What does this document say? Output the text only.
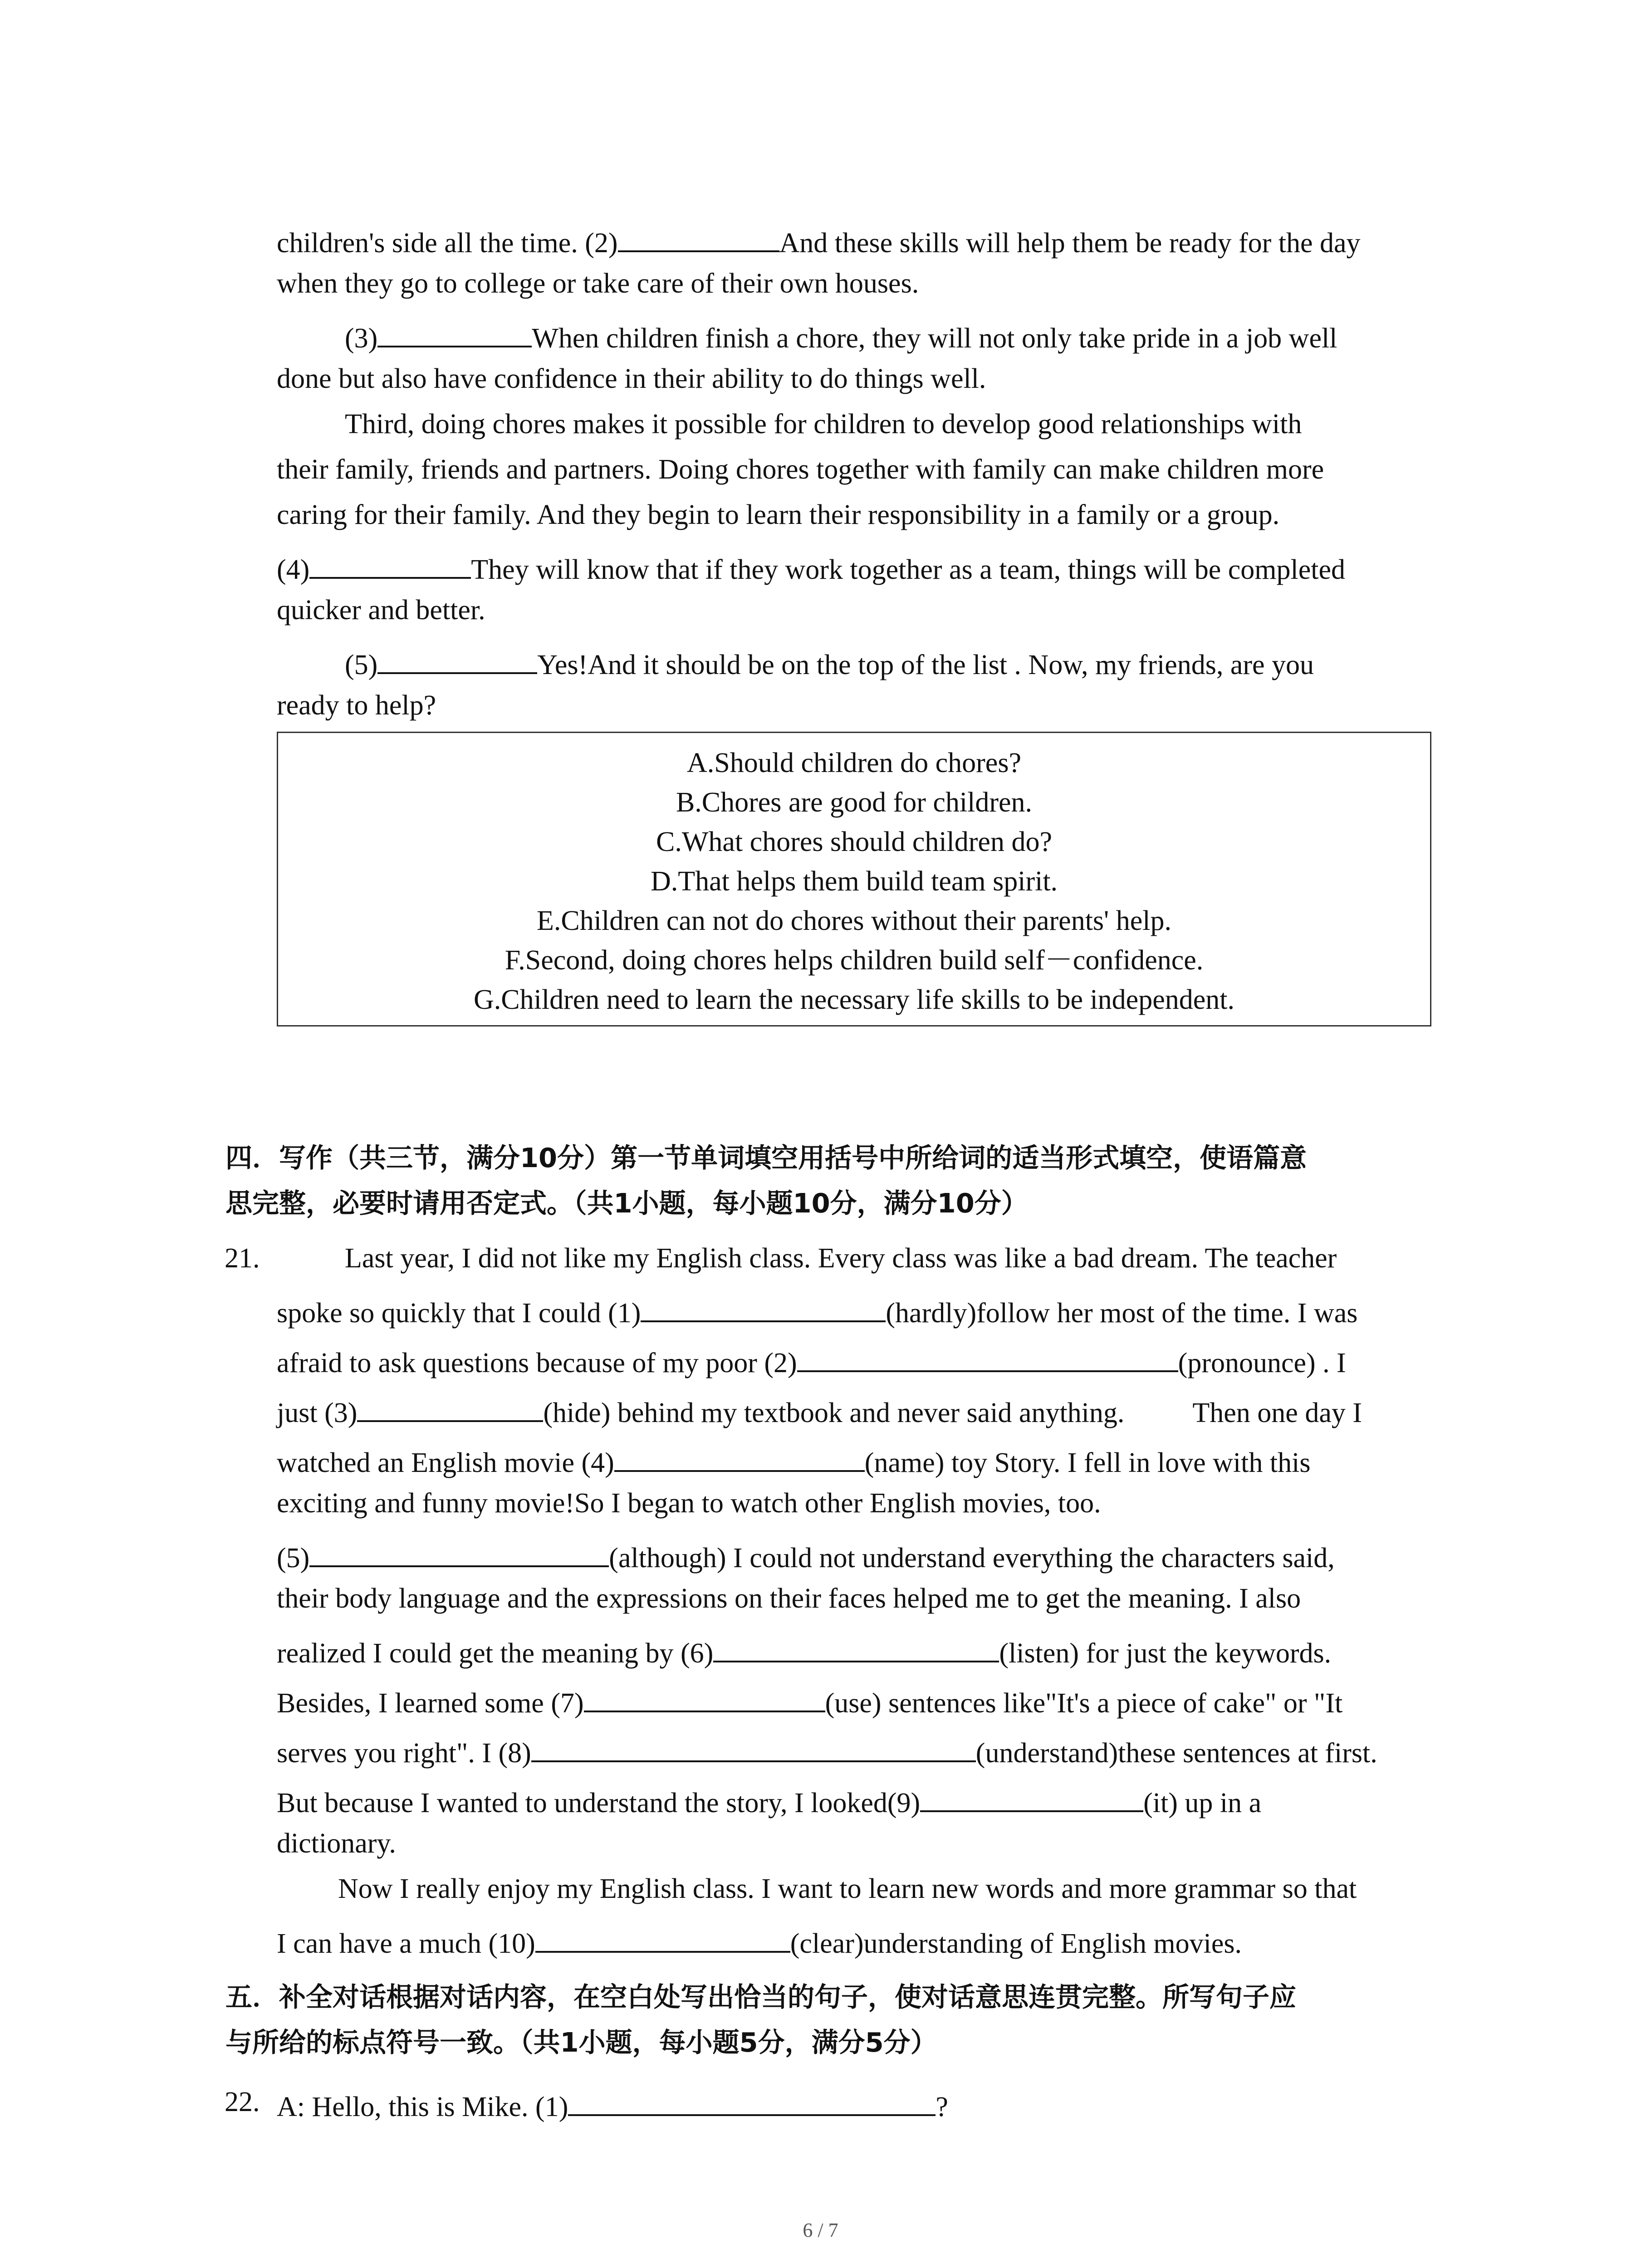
children's side all the time. (2)	And these skills will help them be ready for the day
when they go to college or take care of their own houses.
(3)	When children finish a chore, they will not only take pride in a job well
done but also have confidence in their ability to do things well.
Third, doing chores makes it possible for children to develop good relationships with
their family, friends and partners. Doing chores together with family can make children more
caring for their family. And they begin to learn their responsibility in a family or a group.
(4)	They will know that if they work together as a team, things will be completed
quicker and better.
(5)	Yes!And it should be on the top of the list . Now, my friends, are you
ready to help?
A.Should children do chores?
B.Chores are good for children.
C.What chores should children do?
D.That helps them build team spirit.
E.Children can not do chores without their parents' help.
F.Second, doing chores helps children build self－confidence.
G.Children need to learn the necessary life skills to be independent.
四．写作（共三节，满分10分）第一节单词填空用括号中所给词的适当形式填空，使语篇意
思完整，必要时请用否定式。（共1小题，每小题10分，满分10分）
21.	Last year, I did not like my English class. Every class was like a bad dream. The teacher
spoke so quickly that I could (1)	(hardly)follow her most of the time. I was
afraid to ask questions because of my poor (2)	(pronounce) . I
just (3)	(hide) behind my textbook and never said anything. Then one day I
watched an English movie (4)	(name) toy Story. I fell in love with this
exciting and funny movie!So I began to watch other English movies, too.
(5)	(although) I could not understand everything the characters said,
their body language and the expressions on their faces helped me to get the meaning. I also
realized I could get the meaning by (6)	(listen) for just the keywords.
Besides, I learned some (7)	(use) sentences like"It's a piece of cake" or "It
serves you right". I (8)	(understand)these sentences at first.
But because I wanted to understand the story, I looked(9)	(it) up in a
dictionary.
Now I really enjoy my English class. I want to learn new words and more grammar so that
I can have a much (10)	(clear)understanding of English movies.
五．补全对话根据对话内容，在空白处写出恰当的句子，使对话意思连贯完整。所写句子应
与所给的标点符号一致。（共1小题，每小题5分，满分5分）
22. A: Hello, this is Mike. (1)	?
6 / 7
